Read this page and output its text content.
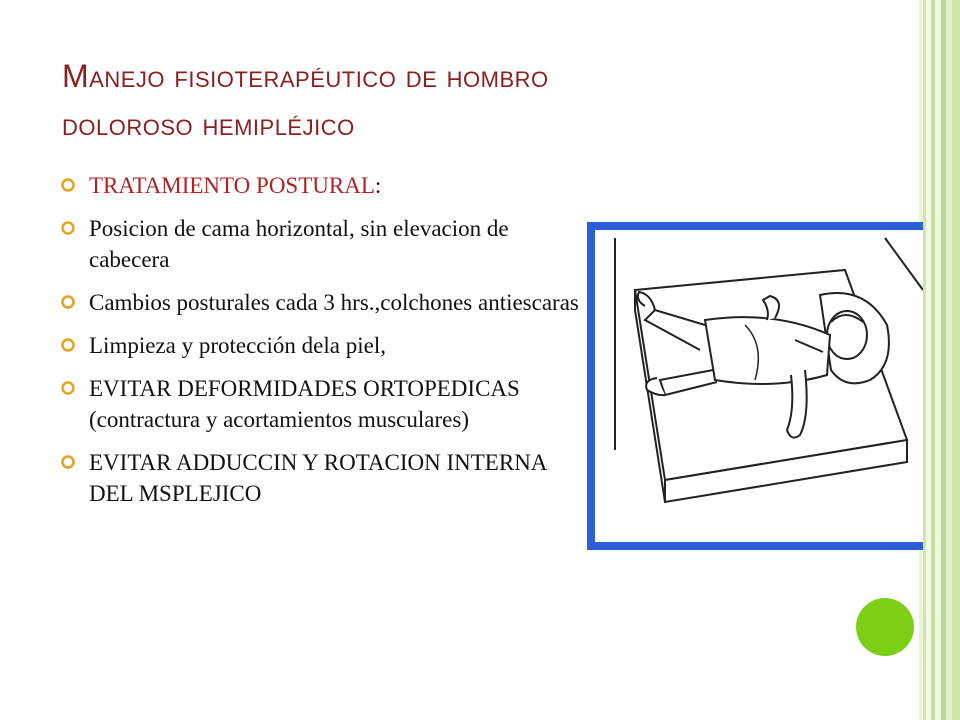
Manejo fisioterapéutico de hombro
doloroso hemipléjico
TRATAMIENTO POSTURAL:
Posicion de cama horizontal, sin elevacion de cabecera
Cambios posturales cada 3 hrs.,colchones antiescaras
Limpieza y protección dela piel,
EVITAR DEFORMIDADES ORTOPEDICAS (contractura y acortamientos musculares)
EVITAR ADDUCCIN Y ROTACION INTERNA DEL MSPLEJICO
